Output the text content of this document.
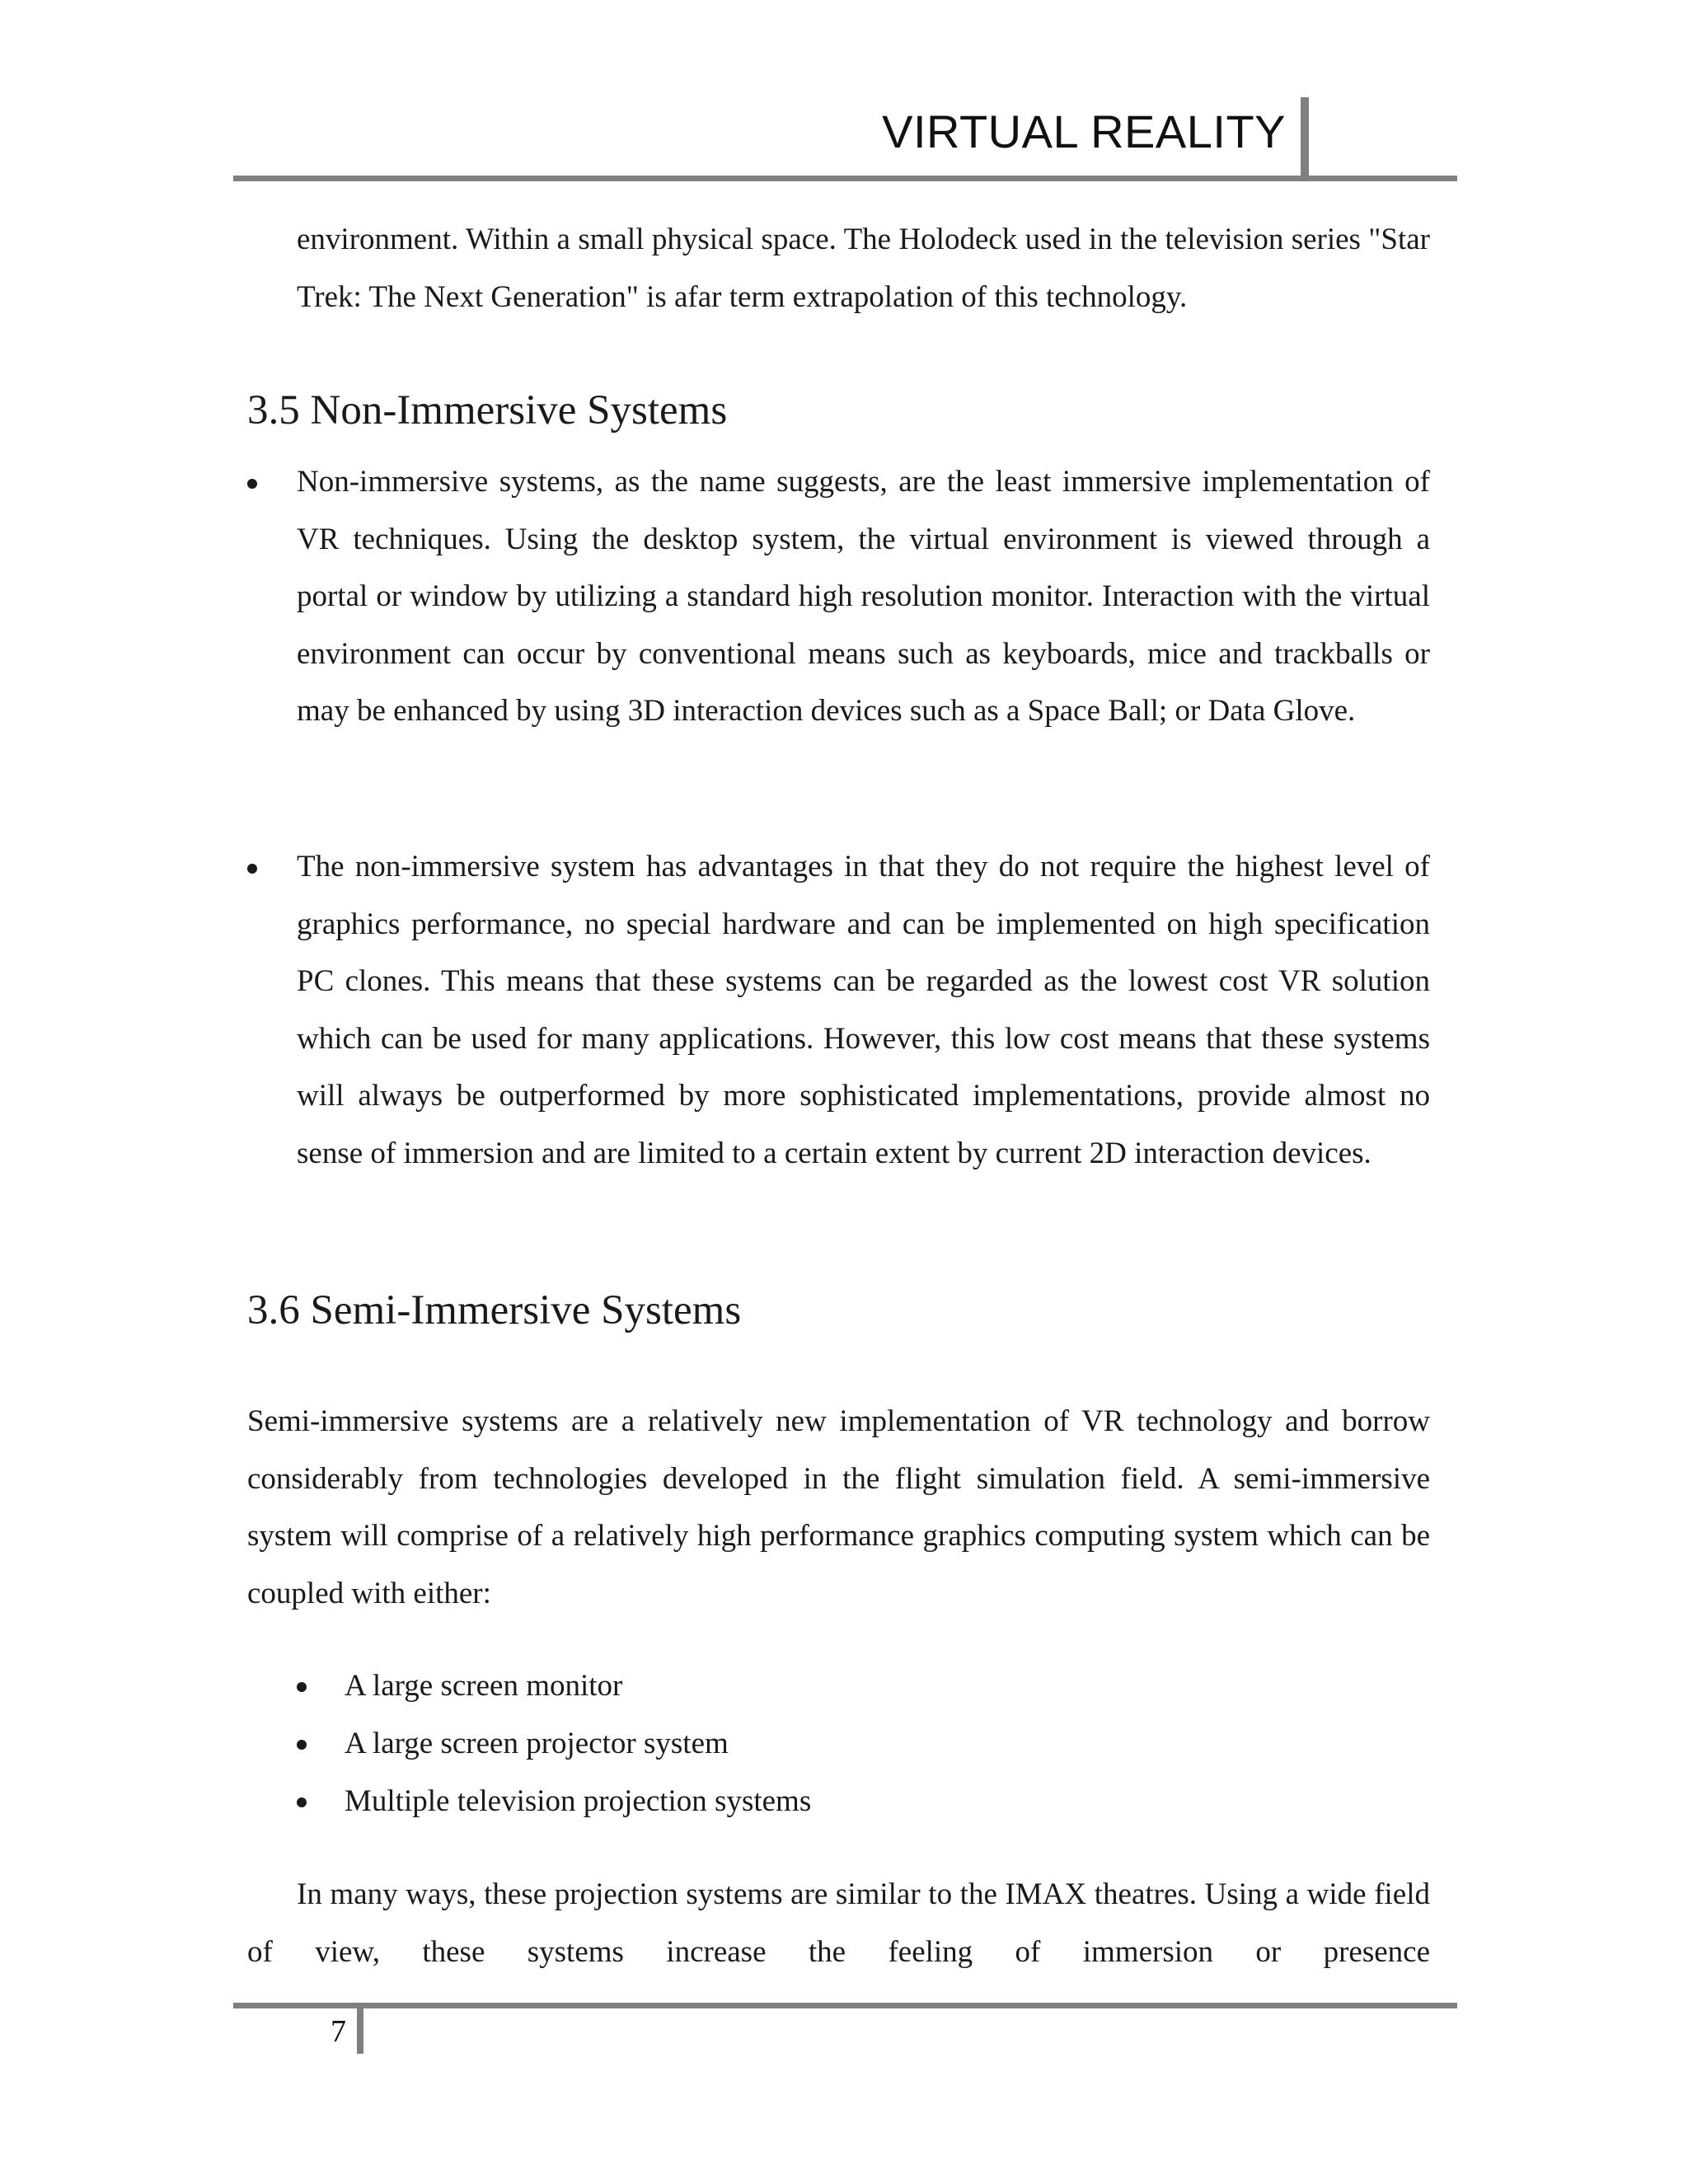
VIRTUAL REALITY

environment. Within a small physical space. The Holodeck used in the television series "Star Trek: The Next Generation" is afar term extrapolation of this technology.

3.5 Non-Immersive Systems

Non-immersive systems, as the name suggests, are the least immersive implementation of VR techniques. Using the desktop system, the virtual environment is viewed through a portal or window by utilizing a standard high resolution monitor. Interaction with the virtual environment can occur by conventional means such as keyboards, mice and trackballs or may be enhanced by using 3D interaction devices such as a Space Ball; or Data Glove.

The non-immersive system has advantages in that they do not require the highest level of graphics performance, no special hardware and can be implemented on high specification PC clones. This means that these systems can be regarded as the lowest cost VR solution which can be used for many applications. However, this low cost means that these systems will always be outperformed by more sophisticated implementations, provide almost no sense of immersion and are limited to a certain extent by current 2D interaction devices.

3.6 Semi-Immersive Systems

Semi-immersive systems are a relatively new implementation of VR technology and borrow considerably from technologies developed in the flight simulation field. A semi-immersive system will comprise of a relatively high performance graphics computing system which can be coupled with either:

A large screen monitor
A large screen projector system
Multiple television projection systems

In many ways, these projection systems are similar to the IMAX theatres. Using a wide field of view, these systems increase the feeling of immersion or presence

7
